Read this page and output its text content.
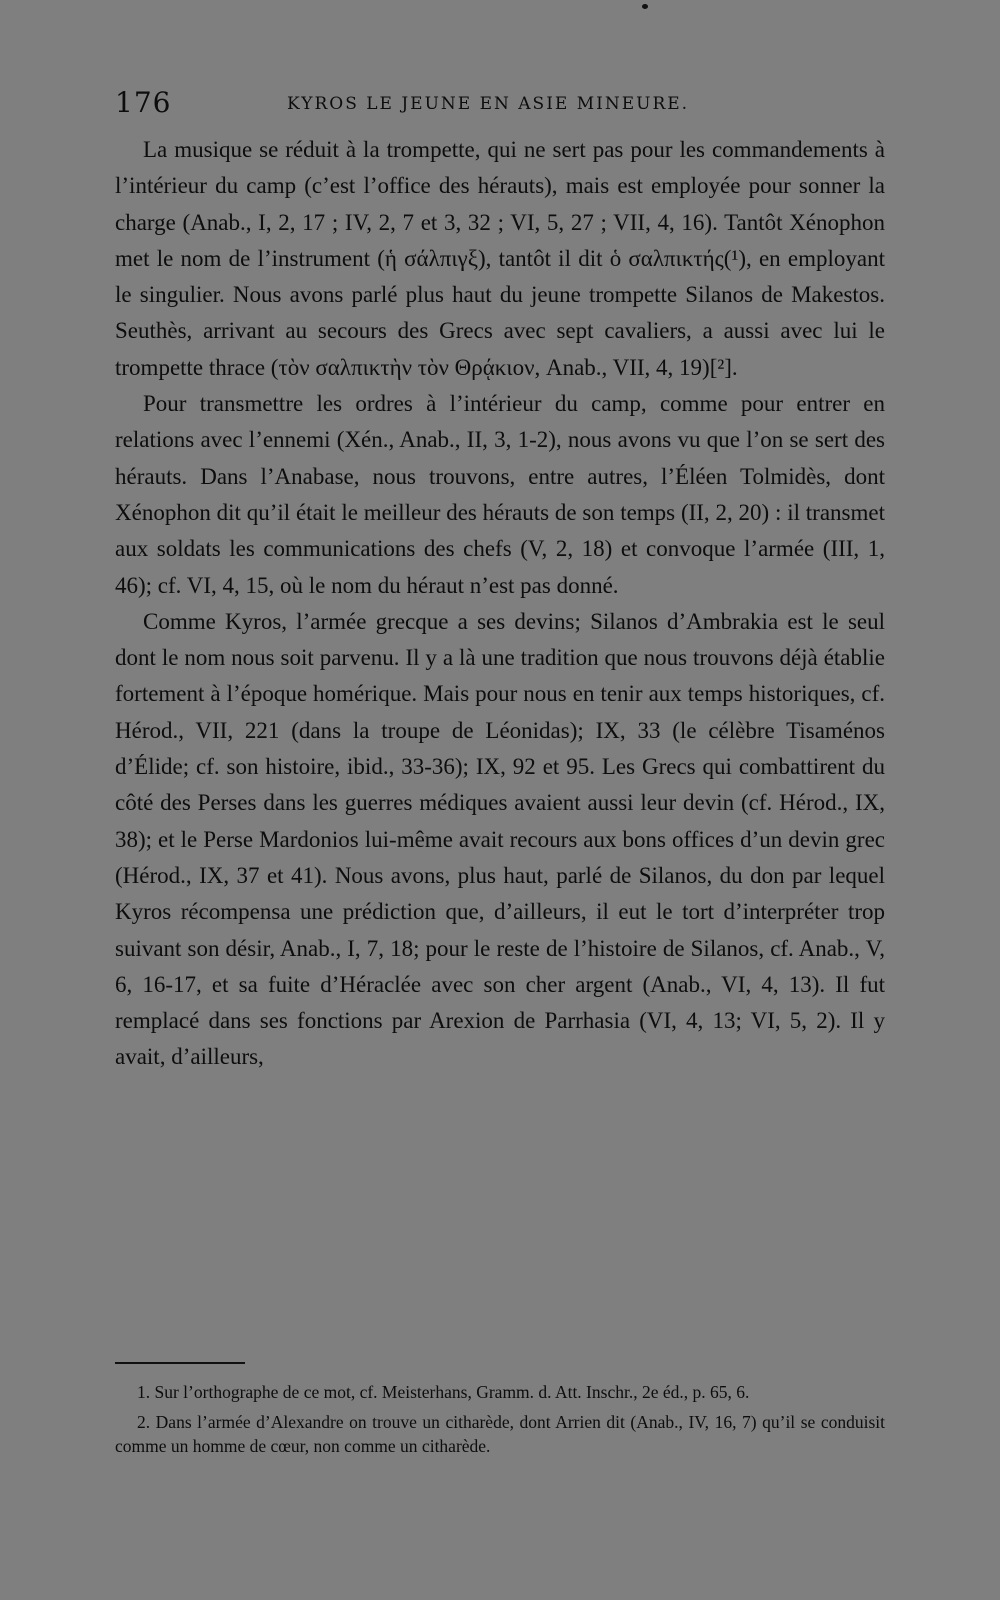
176	KYROS LE JEUNE EN ASIE MINEURE.

La musique se réduit à la trompette, qui ne sert pas pour les commandements à l’intérieur du camp (c’est l’office des hérauts), mais est employée pour sonner la charge (Anab., I, 2, 17 ; IV, 2, 7 et 3, 32 ; VI, 5, 27 ; VII, 4, 16). Tantôt Xénophon met le nom de l’instrument (ἡ σάλπιγξ), tantôt il dit ὁ σαλπικτής(¹), en employant le singulier. Nous avons parlé plus haut du jeune trompette Silanos de Makestos. Seuthès, arrivant au secours des Grecs avec sept cavaliers, a aussi avec lui le trompette thrace (τὸν σαλπικτὴν τὸν Θρᾴκιον, Anab., VII, 4, 19)[²].

Pour transmettre les ordres à l’intérieur du camp, comme pour entrer en relations avec l’ennemi (Xén., Anab., II, 3, 1-2), nous avons vu que l’on se sert des hérauts. Dans l’Anabase, nous trouvons, entre autres, l’Éléen Tolmidès, dont Xénophon dit qu’il était le meilleur des hérauts de son temps (II, 2, 20) : il transmet aux soldats les communications des chefs (V, 2, 18) et convoque l’armée (III, 1, 46); cf. VI, 4, 15, où le nom du héraut n’est pas donné.

Comme Kyros, l’armée grecque a ses devins; Silanos d’Ambrakia est le seul dont le nom nous soit parvenu. Il y a là une tradition que nous trouvons déjà établie fortement à l’époque homérique. Mais pour nous en tenir aux temps historiques, cf. Hérod., VII, 221 (dans la troupe de Léonidas); IX, 33 (le célèbre Tisaménos d’Élide; cf. son histoire, ibid., 33-36); IX, 92 et 95. Les Grecs qui combattirent du côté des Perses dans les guerres médiques avaient aussi leur devin (cf. Hérod., IX, 38); et le Perse Mardonios lui-même avait recours aux bons offices d’un devin grec (Hérod., IX, 37 et 41). Nous avons, plus haut, parlé de Silanos, du don par lequel Kyros récompensa une prédiction que, d’ailleurs, il eut le tort d’interpréter trop suivant son désir, Anab., I, 7, 18; pour le reste de l’histoire de Silanos, cf. Anab., V, 6, 16-17, et sa fuite d’Héraclée avec son cher argent (Anab., VI, 4, 13). Il fut remplacé dans ses fonctions par Arexion de Parrhasia (VI, 4, 13; VI, 5, 2). Il y avait, d’ailleurs,

1. Sur l’orthographe de ce mot, cf. Meisterhans, Gramm. d. Att. Inschr., 2e éd., p. 65, 6.

2. Dans l’armée d’Alexandre on trouve un citharède, dont Arrien dit (Anab., IV, 16, 7) qu’il se conduisit comme un homme de cœur, non comme un citharède.
